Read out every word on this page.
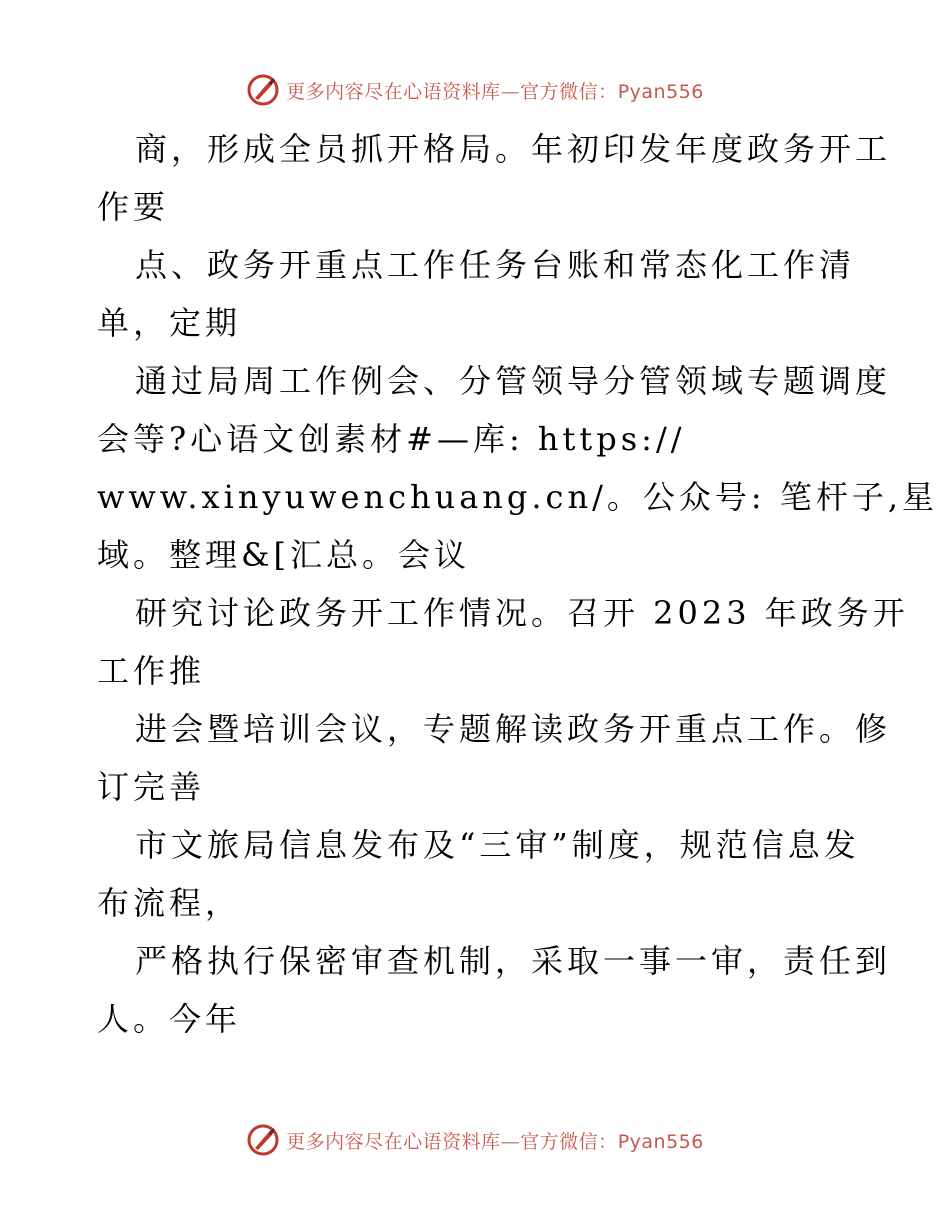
更多内容尽在心语资料库—官方微信：Pyan556

商，形成全员抓开格局。年初印发年度政务开工

作要

点、政务开重点工作任务台账和常态化工作清

单，定期

通过局周工作例会、分管领导分管领域专题调度

会等?心语文创素材#—库: https://

www.xinyuwenchuang.cn/。公众号: 笔杆子,星

域。整理&[汇总。会议

研究讨论政务开工作情况。召开 2023 年政务开

工作推

进会暨培训会议，专题解读政务开重点工作。修

订完善

市文旅局信息发布及“三审”制度，规范信息发

布流程，

严格执行保密审查机制，采取一事一审，责任到

人。今年

更多内容尽在心语资料库—官方微信：Pyan556
